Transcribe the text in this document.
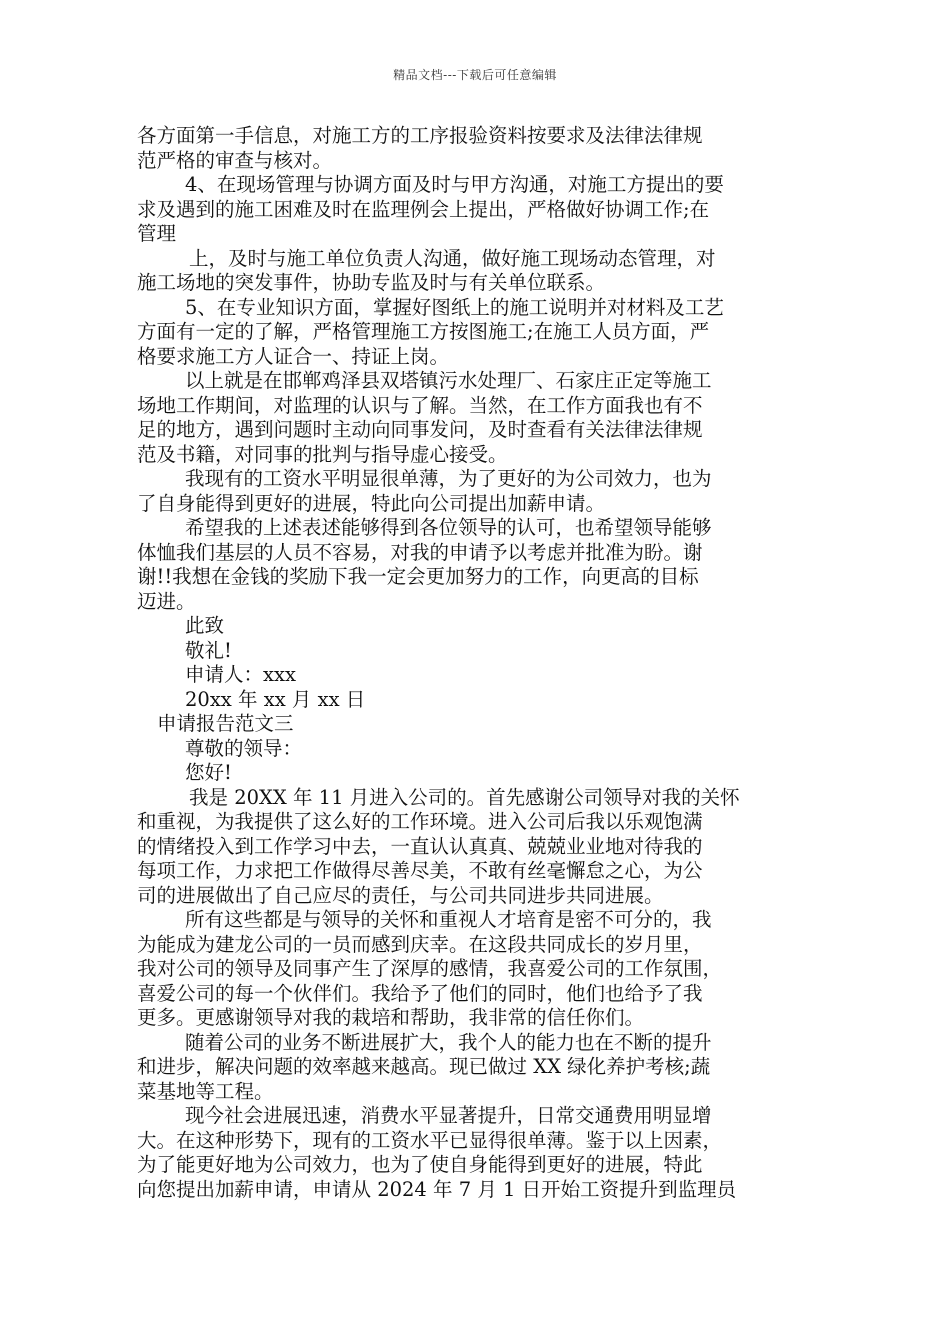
精品文档---下载后可任意编辑
各方面第一手信息，对施工方的工序报验资料按要求及法律法律规
范严格的审查与核对。
4、在现场管理与协调方面及时与甲方沟通，对施工方提出的要
求及遇到的施工困难及时在监理例会上提出，严格做好协调工作;在
管理
上，及时与施工单位负责人沟通，做好施工现场动态管理，对
施工场地的突发事件，协助专监及时与有关单位联系。
5、在专业知识方面，掌握好图纸上的施工说明并对材料及工艺
方面有一定的了解，严格管理施工方按图施工;在施工人员方面，严
格要求施工方人证合一、持证上岗。
以上就是在邯郸鸡泽县双塔镇污水处理厂、石家庄正定等施工
场地工作期间，对监理的认识与了解。当然，在工作方面我也有不
足的地方，遇到问题时主动向同事发问，及时查看有关法律法律规
范及书籍，对同事的批判与指导虚心接受。
我现有的工资水平明显很单薄，为了更好的为公司效力，也为
了自身能得到更好的进展，特此向公司提出加薪申请。
希望我的上述表述能够得到各位领导的认可，也希望领导能够
体恤我们基层的人员不容易，对我的申请予以考虑并批准为盼。谢
谢!!我想在金钱的奖励下我一定会更加努力的工作，向更高的目标
迈进。
此致
敬礼!
申请人：xxx
20xx 年 xx 月 xx 日
申请报告范文三
尊敬的领导：
您好!
我是 20XX 年 11 月进入公司的。首先感谢公司领导对我的关怀
和重视，为我提供了这么好的工作环境。进入公司后我以乐观饱满
的情绪投入到工作学习中去，一直认认真真、兢兢业业地对待我的
每项工作，力求把工作做得尽善尽美，不敢有丝毫懈怠之心，为公
司的进展做出了自己应尽的责任，与公司共同进步共同进展。
所有这些都是与领导的关怀和重视人才培育是密不可分的，我
为能成为建龙公司的一员而感到庆幸。在这段共同成长的岁月里，
我对公司的领导及同事产生了深厚的感情，我喜爱公司的工作氛围，
喜爱公司的每一个伙伴们。我给予了他们的同时，他们也给予了我
更多。更感谢领导对我的栽培和帮助，我非常的信任你们。
随着公司的业务不断进展扩大，我个人的能力也在不断的提升
和进步，解决问题的效率越来越高。现已做过 XX 绿化养护考核;蔬
菜基地等工程。
现今社会进展迅速，消费水平显著提升，日常交通费用明显增
大。在这种形势下，现有的工资水平已显得很单薄。鉴于以上因素，
为了能更好地为公司效力，也为了使自身能得到更好的进展，特此
向您提出加薪申请，申请从 2024 年 7 月 1 日开始工资提升到监理员
